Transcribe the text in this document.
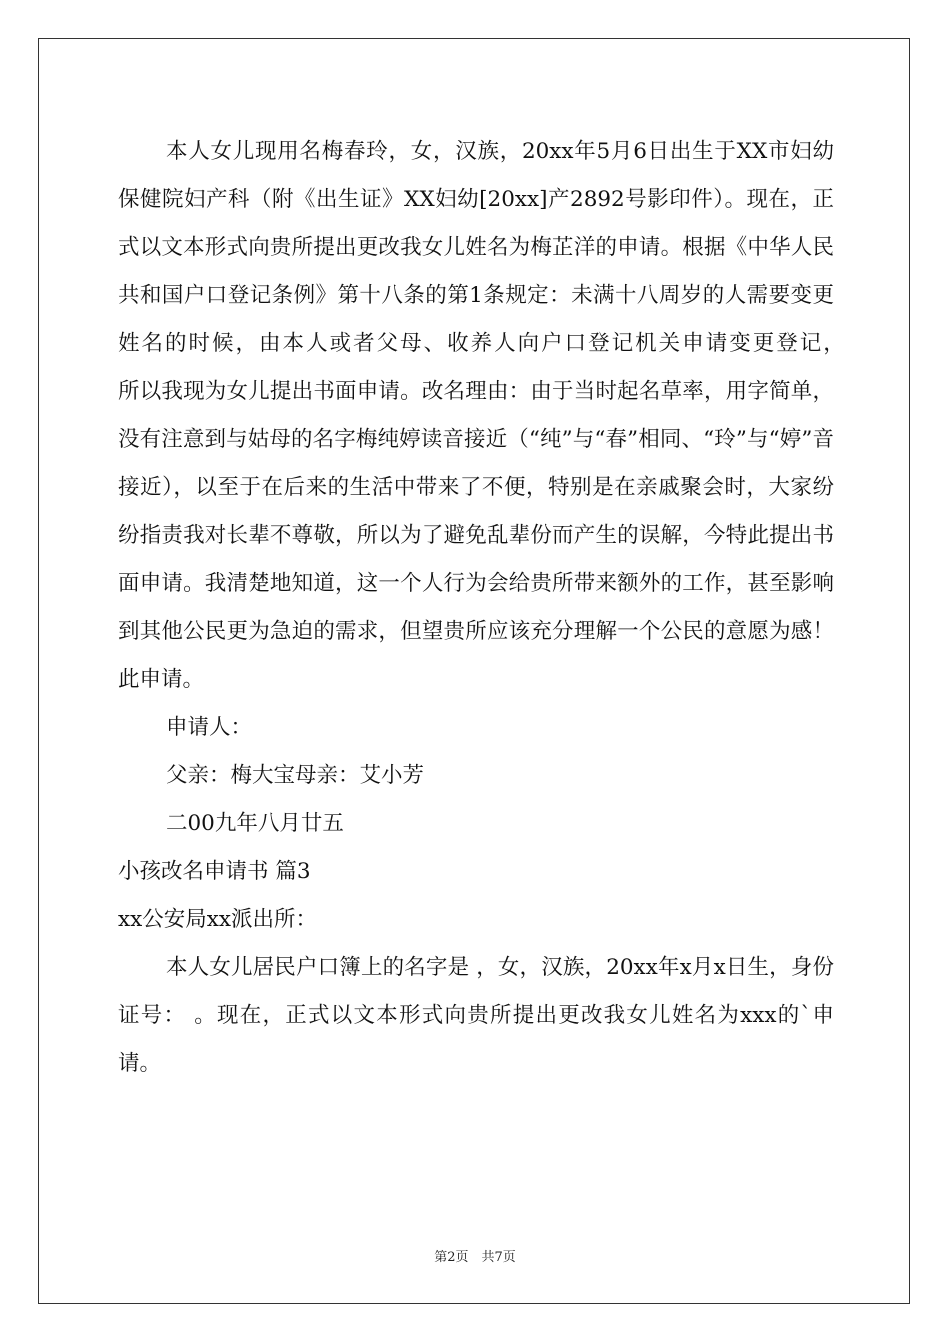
本人女儿现用名梅春玲，女，汉族，20xx年5月6日出生于XX市妇幼保健院妇产科（附《出生证》XX妇幼[20xx]产2892号影印件）。现在，正式以文本形式向贵所提出更改我女儿姓名为梅芷洋的申请。根据《中华人民共和国户口登记条例》第十八条的第1条规定：未满十八周岁的人需要变更姓名的时候，由本人或者父母、收养人向户口登记机关申请变更登记，　　所以我现为女儿提出书面申请。改名理由：由于当时起名草率，用字简单，没有注意到与姑母的名字梅纯婷读音接近（“纯”与“春”相同、“玲”与“婷”音接近），以至于在后来的生活中带来了不便，特别是在亲戚聚会时，大家纷纷指责我对长辈不尊敬，所以为了避免乱辈份而产生的误解，今特此提出书面申请。我清楚地知道，这一个人行为会给贵所带来额外的工作，甚至影响到其他公民更为急迫的需求，但望贵所应该充分理解一个公民的意愿为感！此申请。

申请人：

父亲：梅大宝母亲：艾小芳

二00九年八月廿五

小孩改名申请书 篇3

xx公安局xx派出所：

本人女儿居民户口簿上的名字是 ，女，汉族，20xx年x月x日生，身份证号： 。现在，正式以文本形式向贵所提出更改我女儿姓名为xxx的`申请。

第2页　共7页
